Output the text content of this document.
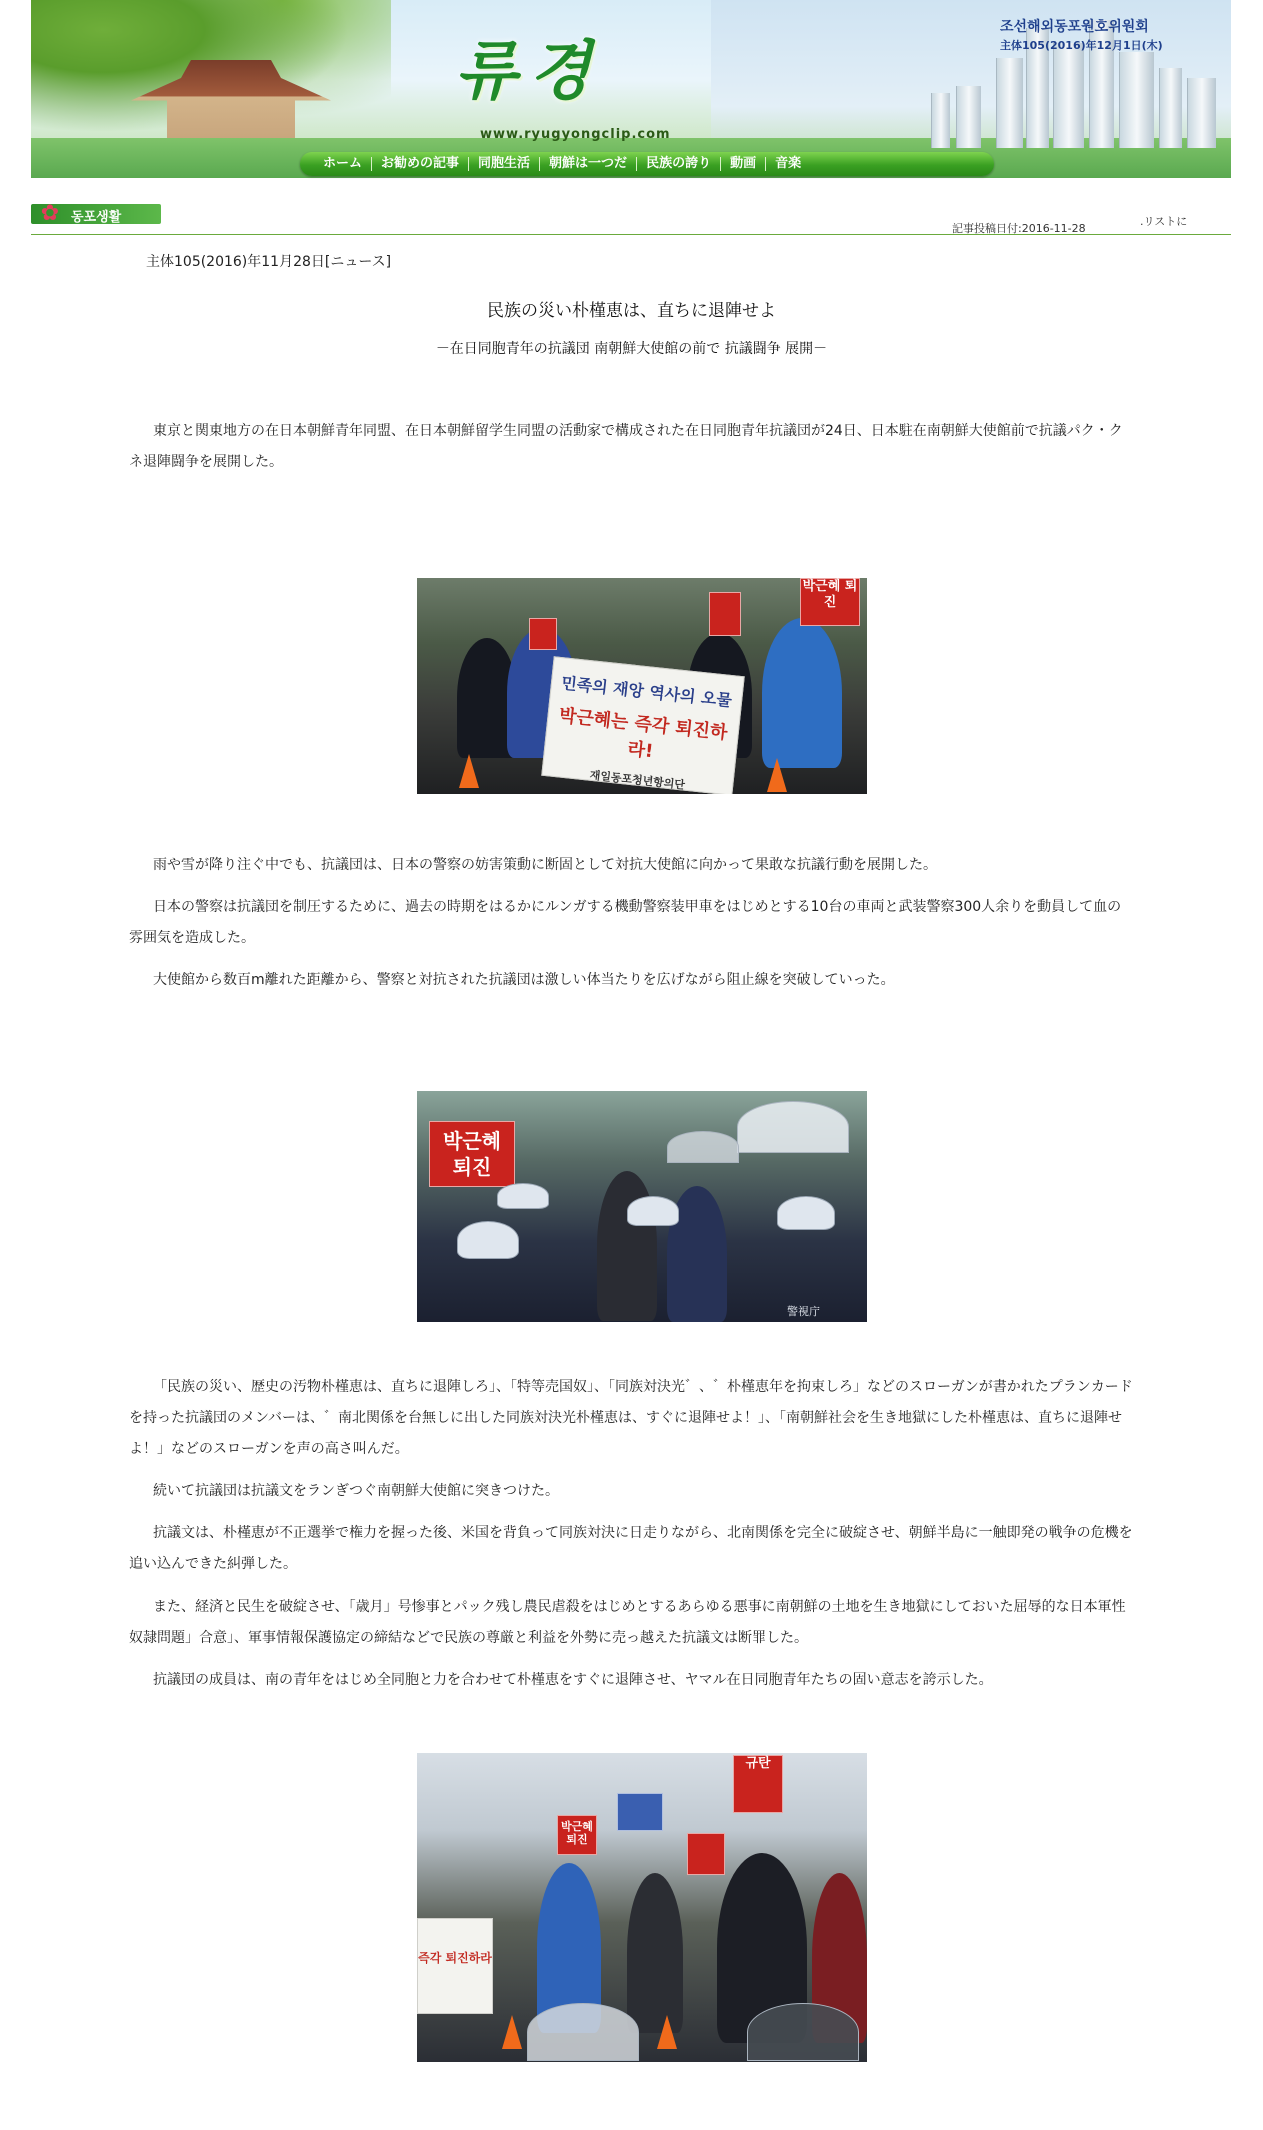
류경
www.ryugyongclip.com
조선해외동포원호위원회
主体105(2016)年12月1日(木)
ホーム	お勧めの記事	同胞生活	朝鮮は一つだ	民族の誇り	動画	音楽
✿ 동포생활
記事投稿日付:2016-11-28
.リストに
主体105(2016)年11月28日[ニュース]
民族の災い朴槿恵は、直ちに退陣せよ
－在日同胞青年の抗議団 南朝鮮大使館の前で 抗議闘争 展開－

東京と関東地方の在日本朝鮮青年同盟、在日本朝鮮留学生同盟の活動家で構成された在日同胞青年抗議団が24日、日本駐在南朝鮮大使館前で抗議パク・クネ退陣闘争を展開した。

박근혜 퇴진
민족의 재앙 역사의 오물
박근혜는 즉각 퇴진하라!
재일동포청년항의단

雨や雪が降り注ぐ中でも、抗議団は、日本の警察の妨害策動に断固として対抗大使館に向かって果敢な抗議行動を展開した。

日本の警察は抗議団を制圧するために、過去の時期をはるかにルンガする機動警察装甲車をはじめとする10台の車両と武装警察300人余りを動員して血の雰囲気を造成した。

大使館から数百m離れた距離から、警察と対抗された抗議団は激しい体当たりを広げながら阻止線を突破していった。

박근혜 퇴진
警視庁

「民族の災い、歴史の汚物朴槿恵は、直ちに退陣しろ」、「特等売国奴」、「同族対決光゛、゛朴槿恵年を拘束しろ」などのスローガンが書かれたプランカードを持った抗議団のメンバーは、゛南北関係を台無しに出した同族対決光朴槿恵は、すぐに退陣せよ！」、「南朝鮮社会を生き地獄にした朴槿恵は、直ちに退陣せよ！」などのスローガンを声の高さ叫んだ。

続いて抗議団は抗議文をランぎつぐ南朝鮮大使館に突きつけた。

抗議文は、朴槿恵が不正選挙で権力を握った後、米国を背負って同族対決に日走りながら、北南関係を完全に破綻させ、朝鮮半島に一触即発の戦争の危機を追い込んできた糾弾した。

また、経済と民生を破綻させ、「歳月」号惨事とパック残し農民虐殺をはじめとするあらゆる悪事に南朝鮮の土地を生き地獄にしておいた屈辱的な日本軍性奴隷問題」合意」、軍事情報保護協定の締結などで民族の尊厳と利益を外勢に売っ越えた抗議文は断罪した。

抗議団の成員は、南の青年をはじめ全同胞と力を合わせて朴槿恵をすぐに退陣させ、ヤマル在日同胞青年たちの固い意志を誇示した。

규탄
박근혜 퇴진
즉각 퇴진하라
